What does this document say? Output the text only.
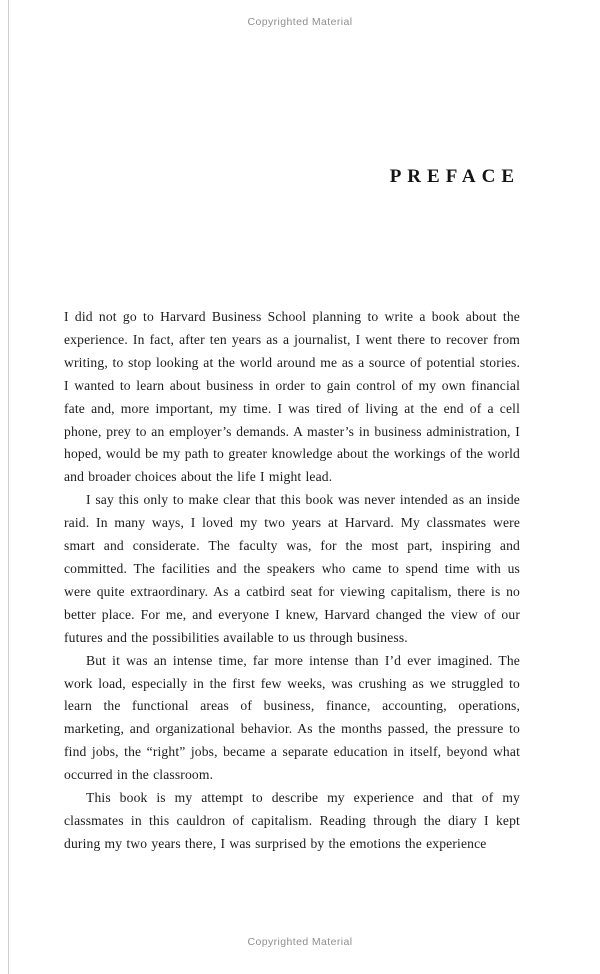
Copyrighted Material
PREFACE

I did not go to Harvard Business School planning to write a book about the experience. In fact, after ten years as a journalist, I went there to recover from writing, to stop looking at the world around me as a source of potential stories. I wanted to learn about business in order to gain control of my own financial fate and, more important, my time. I was tired of living at the end of a cell phone, prey to an employer’s demands. A master’s in business administration, I hoped, would be my path to greater knowledge about the workings of the world and broader choices about the life I might lead.

I say this only to make clear that this book was never intended as an inside raid. In many ways, I loved my two years at Harvard. My classmates were smart and considerate. The faculty was, for the most part, inspiring and committed. The facilities and the speakers who came to spend time with us were quite extraordinary. As a catbird seat for viewing capitalism, there is no better place. For me, and everyone I knew, Harvard changed the view of our futures and the possibilities available to us through business.

But it was an intense time, far more intense than I’d ever imagined. The work load, especially in the first few weeks, was crushing as we struggled to learn the functional areas of business, finance, accounting, operations, marketing, and organizational behavior. As the months passed, the pressure to find jobs, the “right” jobs, became a separate education in itself, beyond what occurred in the classroom.

This book is my attempt to describe my experience and that of my classmates in this cauldron of capitalism. Reading through the diary I kept during my two years there, I was surprised by the emotions the experience

Copyrighted Material
